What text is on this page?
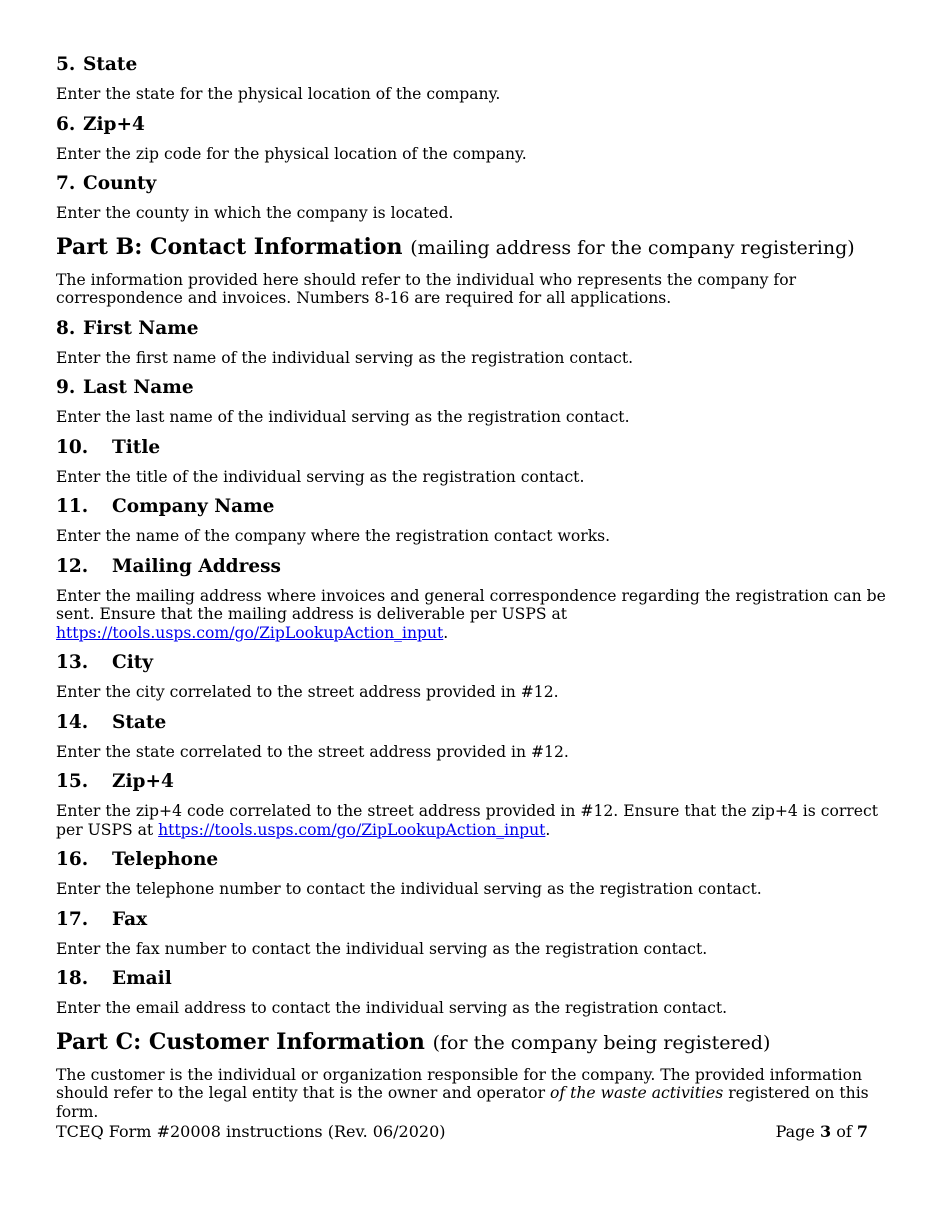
5. State

Enter the state for the physical location of the company.

6. Zip+4

Enter the zip code for the physical location of the company.

7. County

Enter the county in which the company is located.

Part B: Contact Information (mailing address for the company registering)

The information provided here should refer to the individual who represents the company for correspondence and invoices. Numbers 8-16 are required for all applications.

8. First Name

Enter the first name of the individual serving as the registration contact.

9. Last Name

Enter the last name of the individual serving as the registration contact.

10.	Title

Enter the title of the individual serving as the registration contact.

11.	Company Name

Enter the name of the company where the registration contact works.

12.	Mailing Address

Enter the mailing address where invoices and general correspondence regarding the registration can be sent. Ensure that the mailing address is deliverable per USPS at https://tools.usps.com/go/ZipLookupAction_input.

13.	City

Enter the city correlated to the street address provided in #12.

14.	State

Enter the state correlated to the street address provided in #12.

15.	Zip+4

Enter the zip+4 code correlated to the street address provided in #12. Ensure that the zip+4 is correct per USPS at https://tools.usps.com/go/ZipLookupAction_input.

16.	Telephone

Enter the telephone number to contact the individual serving as the registration contact.

17.	Fax

Enter the fax number to contact the individual serving as the registration contact.

18.	Email

Enter the email address to contact the individual serving as the registration contact.

Part C: Customer Information (for the company being registered)

The customer is the individual or organization responsible for the company. The provided information should refer to the legal entity that is the owner and operator of the waste activities registered on this form.

TCEQ Form #20008 instructions (Rev. 06/2020)	Page 3 of 7
